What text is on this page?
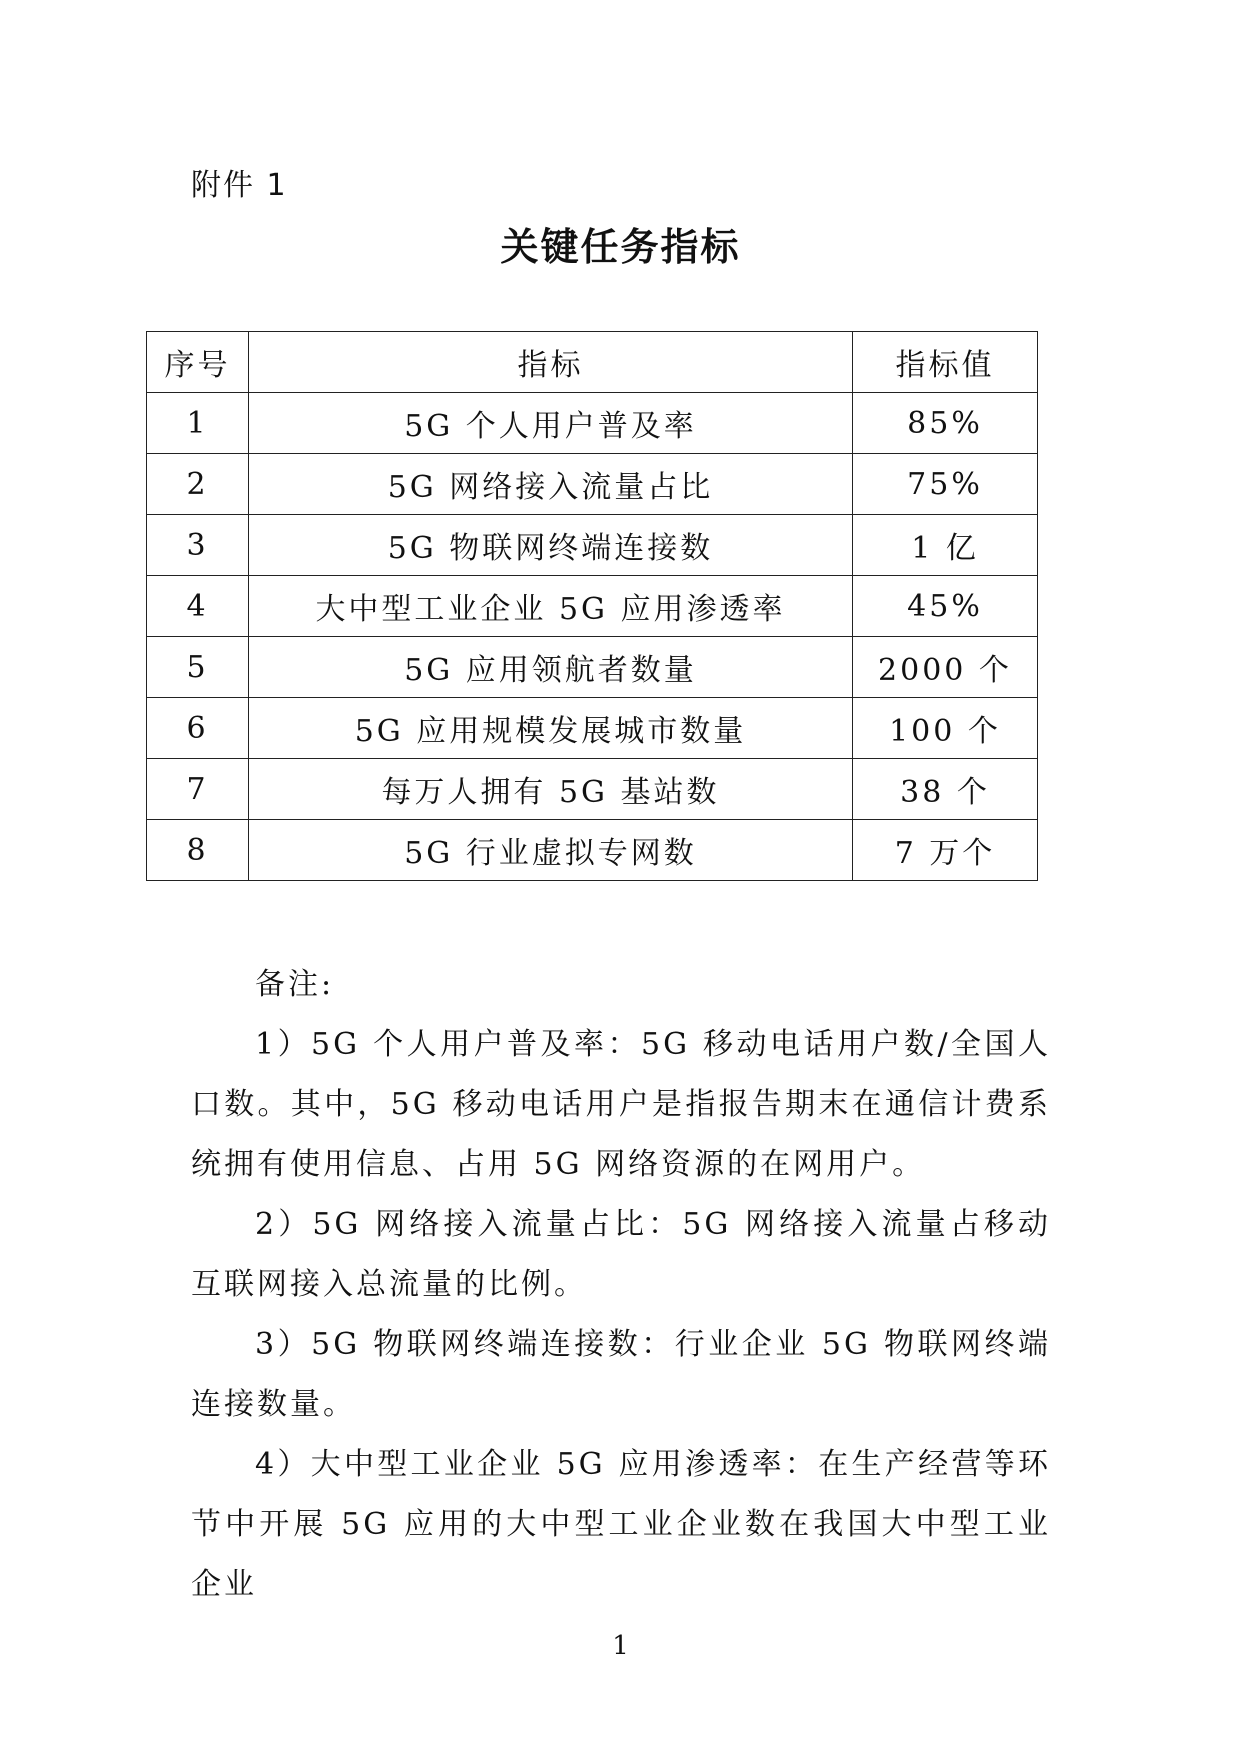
附件 1
关键任务指标
序号	指标	指标值
1	5G 个人用户普及率	85%
2	5G 网络接入流量占比	75%
3	5G 物联网终端连接数	1 亿
4	大中型工业企业 5G 应用渗透率	45%
5	5G 应用领航者数量	2000 个
6	5G 应用规模发展城市数量	100 个
7	每万人拥有 5G 基站数	38 个
8	5G 行业虚拟专网数	7 万个

备注:

1）5G 个人用户普及率：5G 移动电话用户数/全国人口数。其中，5G 移动电话用户是指报告期末在通信计费系统拥有使用信息、占用 5G 网络资源的在网用户。

2）5G 网络接入流量占比：5G 网络接入流量占移动互联网接入总流量的比例。

3）5G 物联网终端连接数：行业企业 5G 物联网终端连接数量。

4）大中型工业企业 5G 应用渗透率：在生产经营等环节中开展 5G 应用的大中型工业企业数在我国大中型工业企业

1
